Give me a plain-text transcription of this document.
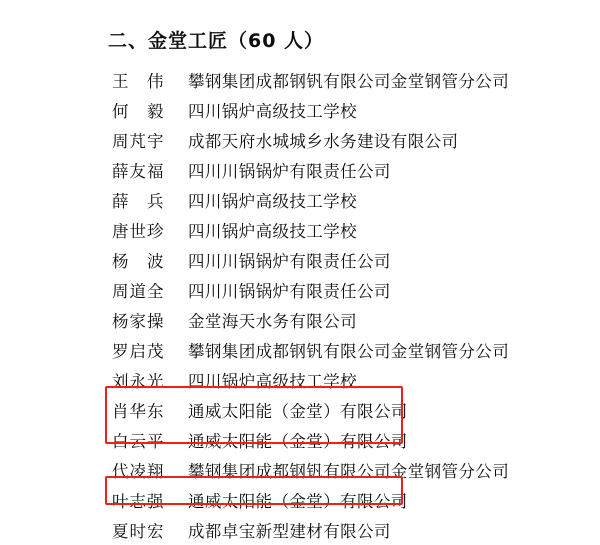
二、金堂工匠（60 人）
王　伟	攀钢集团成都钢钒有限公司金堂钢管分公司
何　毅	四川锅炉高级技工学校
周芃宇	成都天府水城城乡水务建设有限公司
薛友福	四川川锅锅炉有限责任公司
薛　兵	四川锅炉高级技工学校
唐世珍	四川锅炉高级技工学校
杨　波	四川川锅锅炉有限责任公司
周道全	四川川锅锅炉有限责任公司
杨家操	金堂海天水务有限公司
罗启茂	攀钢集团成都钢钒有限公司金堂钢管分公司
刘永光	四川锅炉高级技工学校
肖华东	通威太阳能（金堂）有限公司
白云平	通威太阳能（金堂）有限公司
代凌翔	攀钢集团成都钢钒有限公司金堂钢管分公司
叶志强	通威太阳能（金堂）有限公司
夏时宏	成都卓宝新型建材有限公司
